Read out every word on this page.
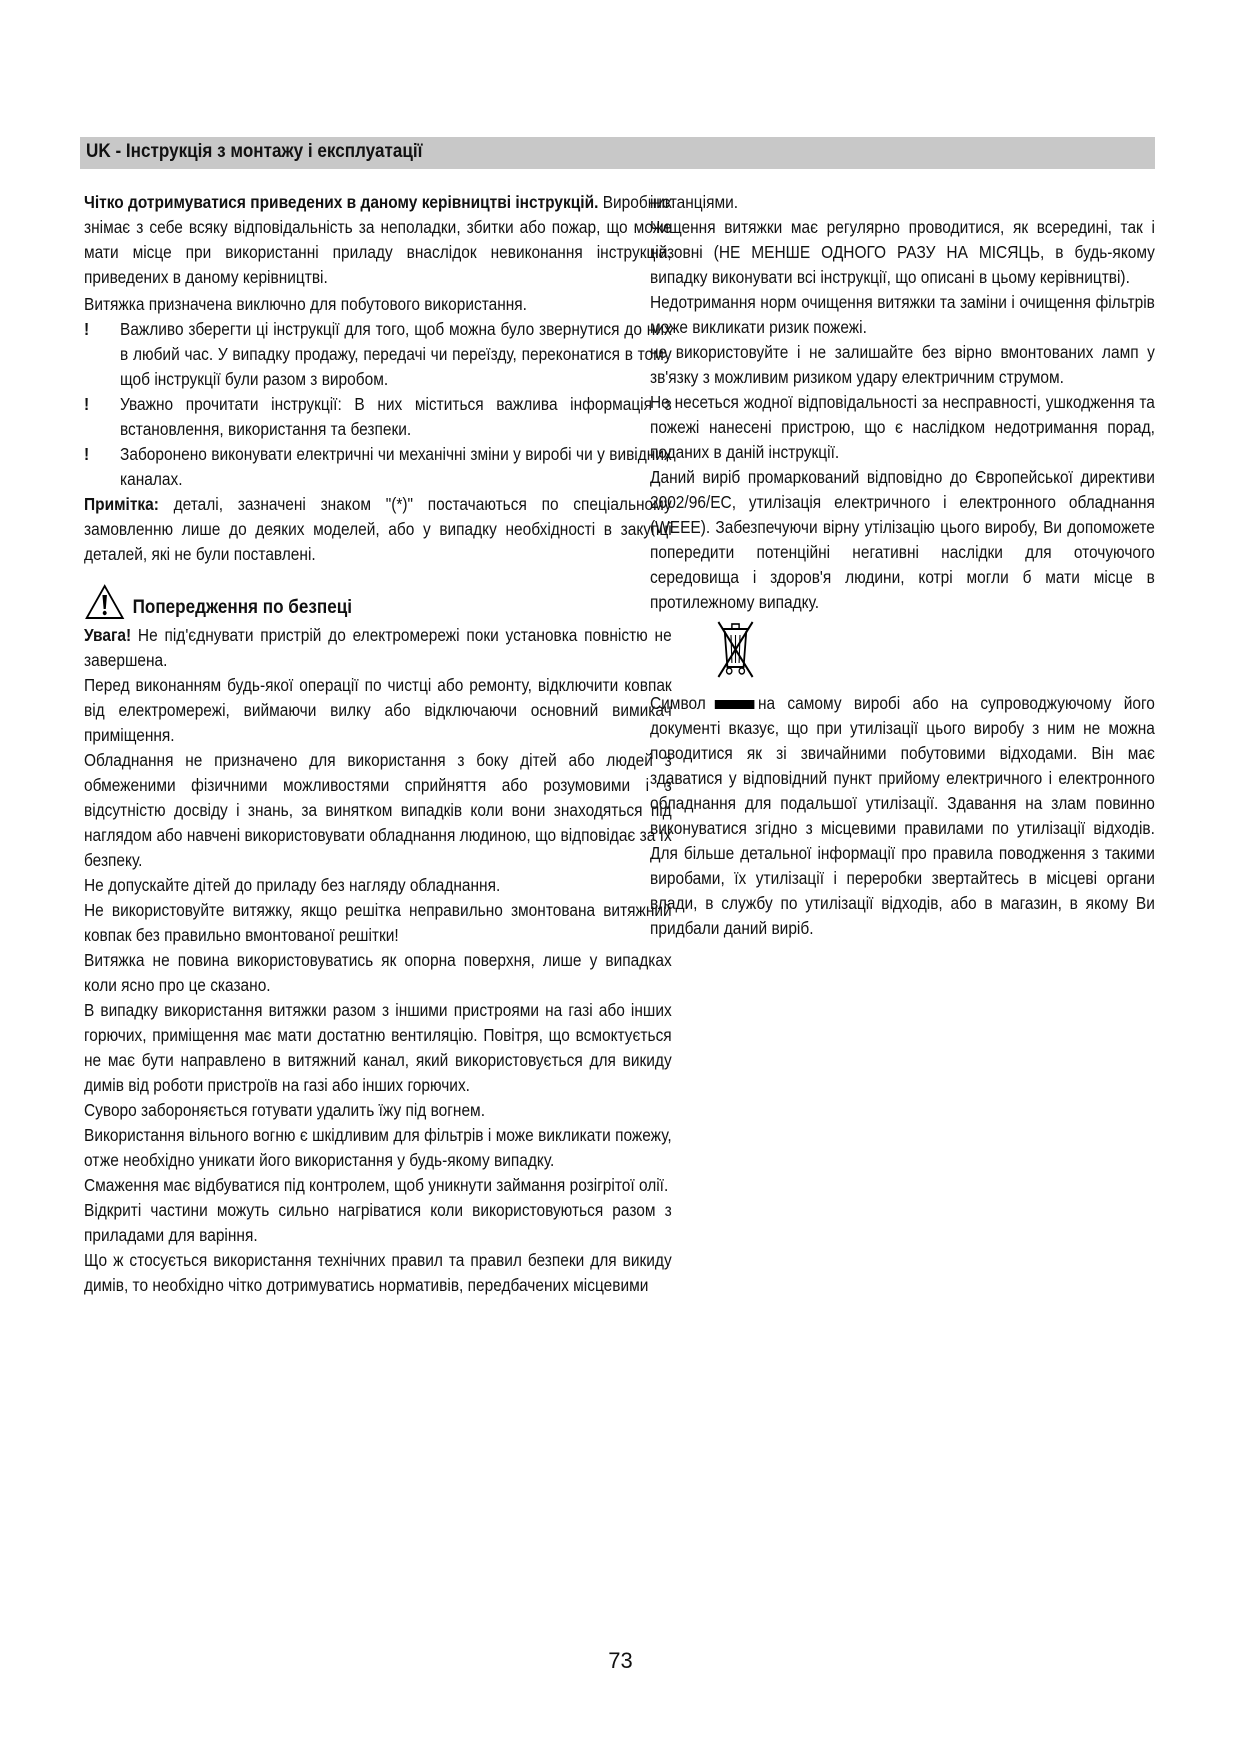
UK - Інструкція з монтажу і експлуатації

Чітко дотримуватися приведених в даному керівництві інструкцій. Виробник знімає з себе всяку відповідальність за неполадки, збитки або пожар, що може мати місце при використанні приладу внаслідок невиконання інструкцій, приведених в даному керівництві.

Витяжка призначена виключно для побутового використання.

! Важливо зберегти ці інструкції для того, щоб можна було звернутися до них в любий час. У випадку продажу, передачі чи переїзду, переконатися в тому щоб інструкції були разом з виробом.
! Уважно прочитати інструкції: В них міститься важлива інформація з встановлення, використання та безпеки.
! Заборонено виконувати електричні чи механічні зміни у виробі чи у вивідних каналах.

Примітка: деталі, зазначені знаком "(*)" постачаються по спеціальному замовленню лише до деяких моделей, або у випадку необхідності в закупці деталей, які не були поставлені.

Попередження по безпеці

Увага! Не під'єднувати пристрій до електромережі поки установка повністю не завершена.

Перед виконанням будь-якої операції по чистці або ремонту, відключити ковпак від електромережі, виймаючи вилку або відключаючи основний вимикач приміщення.

Обладнання не призначено для використання з боку дітей або людей з обмеженими фізичними можливостями сприйняття або розумовими і з відсутністю досвіду і знань, за винятком випадків коли вони знаходяться під наглядом або навчені використовувати обладнання людиною, що відповідає за їх безпеку.

Не допускайте дітей до приладу без нагляду обладнання.

Не використовуйте витяжку, якщо решітка неправильно змонтована витяжний ковпак без правильно вмонтованої решітки!

Витяжка не повина використовуватись як опорна поверхня, лише у випадках коли ясно про це сказано.

В випадку використання витяжки разом з іншими пристроями на газі або інших горючих, приміщення має мати достатню вентиляцію. Повітря, що всмоктується не має бути направлено в витяжний канал, який використовується для викиду димів від роботи пристроїв на газі або інших горючих.

Суворо забороняється готувати удалить їжу під вогнем.

Використання вільного вогню є шкідливим для фільтрів і може викликати пожежу, отже необхідно уникати його використання у будь-якому випадку.

Смаження має відбуватися під контролем, щоб уникнути займання розігрітої олії.

Відкриті частини можуть сильно нагріватися коли використовуються разом з приладами для варіння.

Що ж стосується використання технічних правил та правил безпеки для викиду димів, то необхідно чітко дотримуватись нормативів, передбачених місцевими

інстанціями.

Чищення витяжки має регулярно проводитися, як всередині, так і назовні (НЕ МЕНШЕ ОДНОГО РАЗУ НА МІСЯЦЬ, в будь-якому випадку виконувати всі інструкції, що описані в цьому керівництві).

Недотримання норм очищення витяжки та заміни і очищення фільтрів може викликати ризик пожежі.

не використовуйте і не залишайте без вірно вмонтованих ламп у зв'язку з можливим ризиком удару електричним струмом.

Не несеться жодної відповідальності за несправності, ушкодження та пожежі нанесені пристрою, що є наслідком недотримання порад, поданих в даній інструкції.

Даний виріб промаркований відповідно до Європейської директиви 2002/96/EC, утилізація електричного і електронного обладнання (WEEE). Забезпечуючи вірну утілізацію цього виробу, Ви допоможете попередити потенційні негативні наслідки для оточуючого середовища і здоров'я людини, котрі могли б мати місце в протилежному випадку.

Символ	на самому виробі або на супроводжуючому його документі вказує, що при утилізації цього виробу з ним не можна поводитися як зі звичайними побутовими відходами. Він має здаватися у відповідний пункт прийому електричного і електронного обладнання для подальшої утилізації. Здавання на злам повинно виконуватися згідно з місцевими правилами по утилізації відходів. Для більше детальної інформації про правила поводження з такими виробами, їх утилізації і переробки звертайтесь в місцеві органи влади, в службу по утилізації відходів, або в магазин, в якому Ви придбали даний виріб.

73
